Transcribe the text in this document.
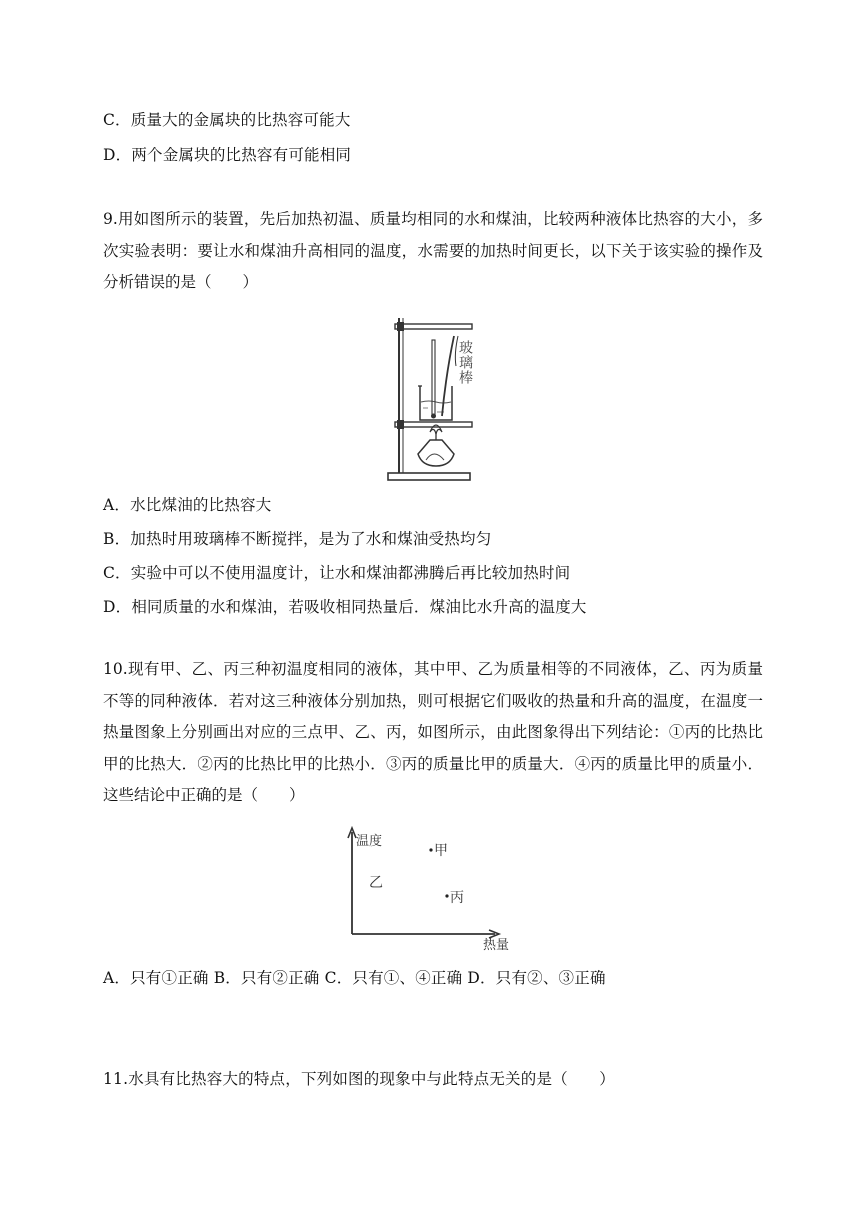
C．质量大的金属块的比热容可能大
D．两个金属块的比热容有可能相同
9.用如图所示的装置，先后加热初温、质量均相同的水和煤油，比较两种液体比热容的大小，多次实验表明：要让水和煤油升高相同的温度，水需要的加热时间更长，以下关于该实验的操作及分析错误的是（　　）
玻璃棒
A．水比煤油的比热容大
B．加热时用玻璃棒不断搅拌，是为了水和煤油受热均匀
C．实验中可以不使用温度计，让水和煤油都沸腾后再比较加热时间
D．相同质量的水和煤油，若吸收相同热量后．煤油比水升高的温度大
10.现有甲、乙、丙三种初温度相同的液体，其中甲、乙为质量相等的不同液体，乙、丙为质量不等的同种液体．若对这三种液体分别加热，则可根据它们吸收的热量和升高的温度，在温度一热量图象上分别画出对应的三点甲、乙、丙，如图所示，由此图象得出下列结论：①丙的比热比甲的比热大．②丙的比热比甲的比热小．③丙的质量比甲的质量大．④丙的质量比甲的质量小．这些结论中正确的是（　　）
温度
甲
乙
丙
热量
A．只有①正确 B．只有②正确 C．只有①、④正确 D．只有②、③正确
11.水具有比热容大的特点，下列如图的现象中与此特点无关的是（　　）
